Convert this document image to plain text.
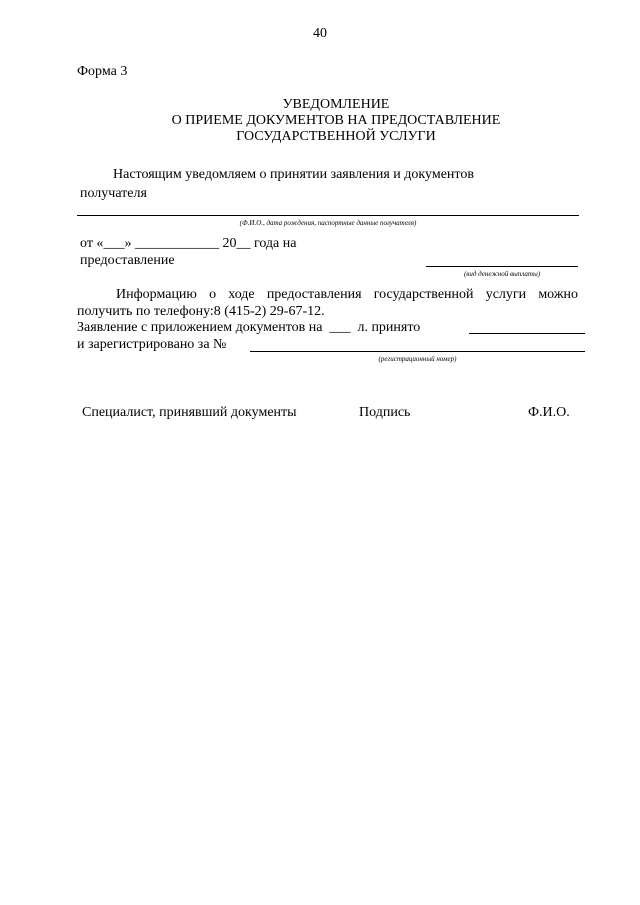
40
Форма 3
УВЕДОМЛЕНИЕ
О ПРИЕМЕ ДОКУМЕНТОВ НА ПРЕДОСТАВЛЕНИЕ
ГОСУДАРСТВЕННОЙ УСЛУГИ
Настоящим уведомляем о принятии заявления и документов
получателя
(Ф.И.О., дата рождения, паспортные данные получателя)
от «___» ____________ 20__ года на
предоставление
(вид денежной выплаты)
Информацию о ходе предоставления государственной услуги можно
получить по телефону:8 (415-2) 29-67-12.
Заявление с приложением документов на ___ л. принято
и зарегистрировано за №
(регистрационный номер)
Специалист, принявший документы	Подпись	Ф.И.О.
